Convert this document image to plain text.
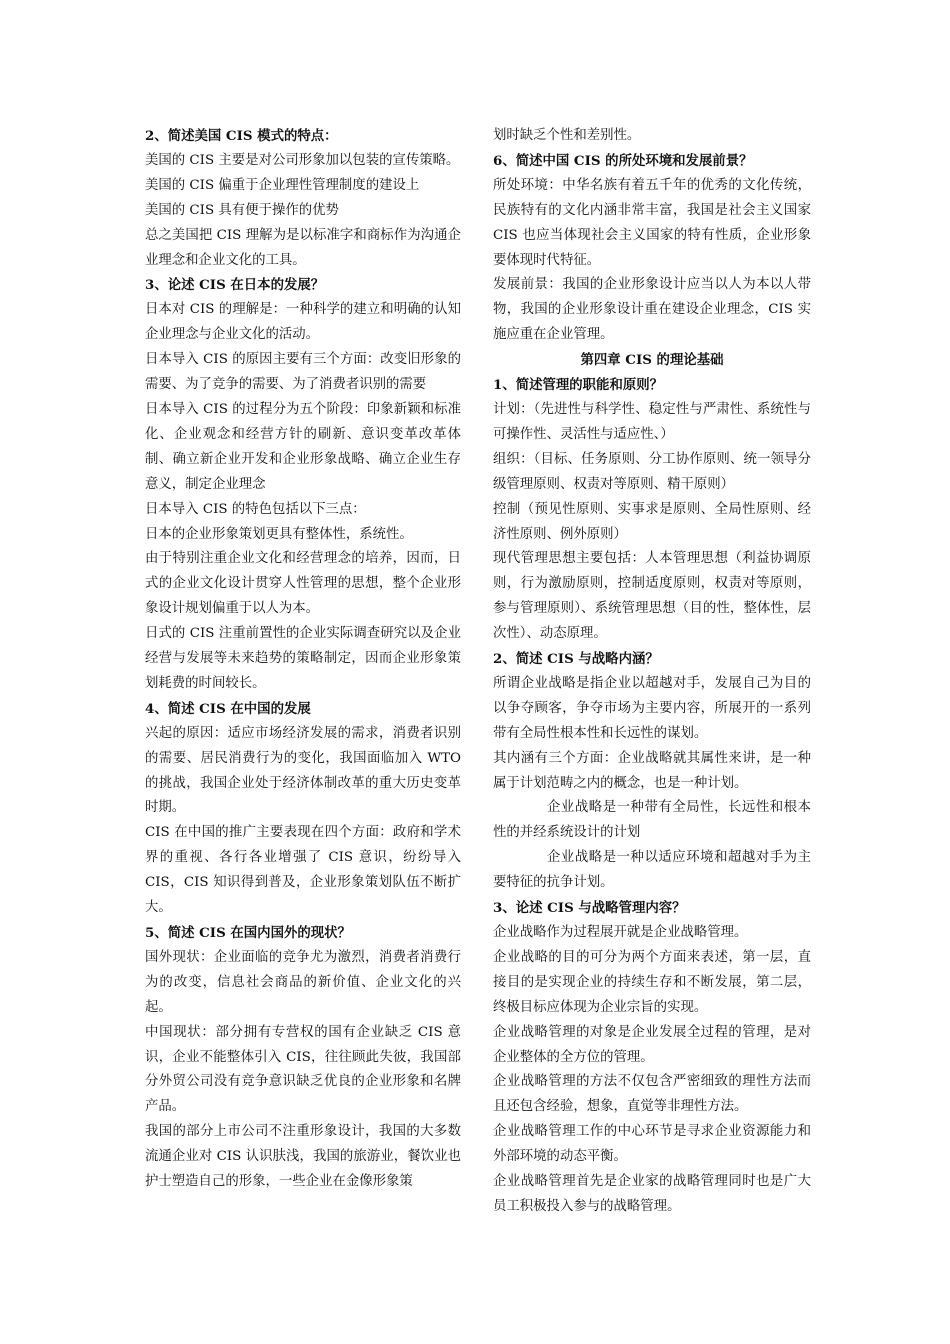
2、简述美国 CIS 模式的特点：

美国的 CIS 主要是对公司形象加以包装的宣传策略。

美国的 CIS 偏重于企业理性管理制度的建设上

美国的 CIS 具有便于操作的优势

总之美国把 CIS 理解为是以标准字和商标作为沟通企业理念和企业文化的工具。

3、论述 CIS 在日本的发展？

日本对 CIS 的理解是：一种科学的建立和明确的认知企业理念与企业文化的活动。

日本导入 CIS 的原因主要有三个方面：改变旧形象的需要、为了竞争的需要、为了消费者识别的需要

日本导入 CIS 的过程分为五个阶段：印象新颖和标准化、企业观念和经营方针的刷新、意识变革改革体制、确立新企业开发和企业形象战略、确立企业生存意义，制定企业理念

日本导入 CIS 的特色包括以下三点：

日本的企业形象策划更具有整体性，系统性。

由于特别注重企业文化和经营理念的培养，因而，日式的企业文化设计贯穿人性管理的思想，整个企业形象设计规划偏重于以人为本。

日式的 CIS 注重前置性的企业实际调查研究以及企业经营与发展等未来趋势的策略制定，因而企业形象策划耗费的时间较长。

4、简述 CIS 在中国的发展

兴起的原因：适应市场经济发展的需求，消费者识别的需要、居民消费行为的变化，我国面临加入 WTO 的挑战，我国企业处于经济体制改革的重大历史变革时期。

CIS 在中国的推广主要表现在四个方面：政府和学术界的重视、各行各业增强了 CIS 意识，纷纷导入 CIS，CIS 知识得到普及，企业形象策划队伍不断扩大。

5、简述 CIS 在国内国外的现状？

国外现状：企业面临的竞争尤为激烈，消费者消费行为的改变，信息社会商品的新价值、企业文化的兴起。

中国现状：部分拥有专营权的国有企业缺乏 CIS 意识，企业不能整体引入 CIS，往往顾此失彼，我国部分外贸公司没有竞争意识缺乏优良的企业形象和名牌产品。

我国的部分上市公司不注重形象设计，我国的大多数流通企业对 CIS 认识肤浅，我国的旅游业，餐饮业也护士塑造自己的形象，一些企业在金像形象策

划时缺乏个性和差别性。

6、简述中国 CIS 的所处环境和发展前景？

所处环境：中华名族有着五千年的优秀的文化传统，民族特有的文化内涵非常丰富，我国是社会主义国家 CIS 也应当体现社会主义国家的特有性质，企业形象要体现时代特征。

发展前景：我国的企业形象设计应当以人为本以人带物，我国的企业形象设计重在建设企业理念，CIS 实施应重在企业管理。

第四章 CIS 的理论基础
1、简述管理的职能和原则？

计划：（先进性与科学性、稳定性与严肃性、系统性与可操作性、灵活性与适应性、）

组织：（目标、任务原则、分工协作原则、统一领导分级管理原则、权责对等原则、精干原则）

控制（预见性原则、实事求是原则、全局性原则、经济性原则、例外原则）

现代管理思想主要包括：人本管理思想（利益协调原则，行为激励原则，控制适度原则，权责对等原则，参与管理原则）、系统管理思想（目的性，整体性，层次性）、动态原理。

2、简述 CIS 与战略内涵？

所谓企业战略是指企业以超越对手，发展自己为目的以争夺顾客，争夺市场为主要内容，所展开的一系列带有全局性根本性和长远性的谋划。

其内涵有三个方面：企业战略就其属性来讲，是一种属于计划范畴之内的概念，也是一种计划。

企业战略是一种带有全局性，长远性和根本性的并经系统设计的计划

企业战略是一种以适应环境和超越对手为主要特征的抗争计划。

3、论述 CIS 与战略管理内容？

企业战略作为过程展开就是企业战略管理。

企业战略的目的可分为两个方面来表述，第一层，直接目的是实现企业的持续生存和不断发展，第二层，终极目标应体现为企业宗旨的实现。

企业战略管理的对象是企业发展全过程的管理，是对企业整体的全方位的管理。

企业战略管理的方法不仅包含严密细致的理性方法而且还包含经验，想象，直觉等非理性方法。

企业战略管理工作的中心环节是寻求企业资源能力和外部环境的动态平衡。

企业战略管理首先是企业家的战略管理同时也是广大员工积极投入参与的战略管理。
